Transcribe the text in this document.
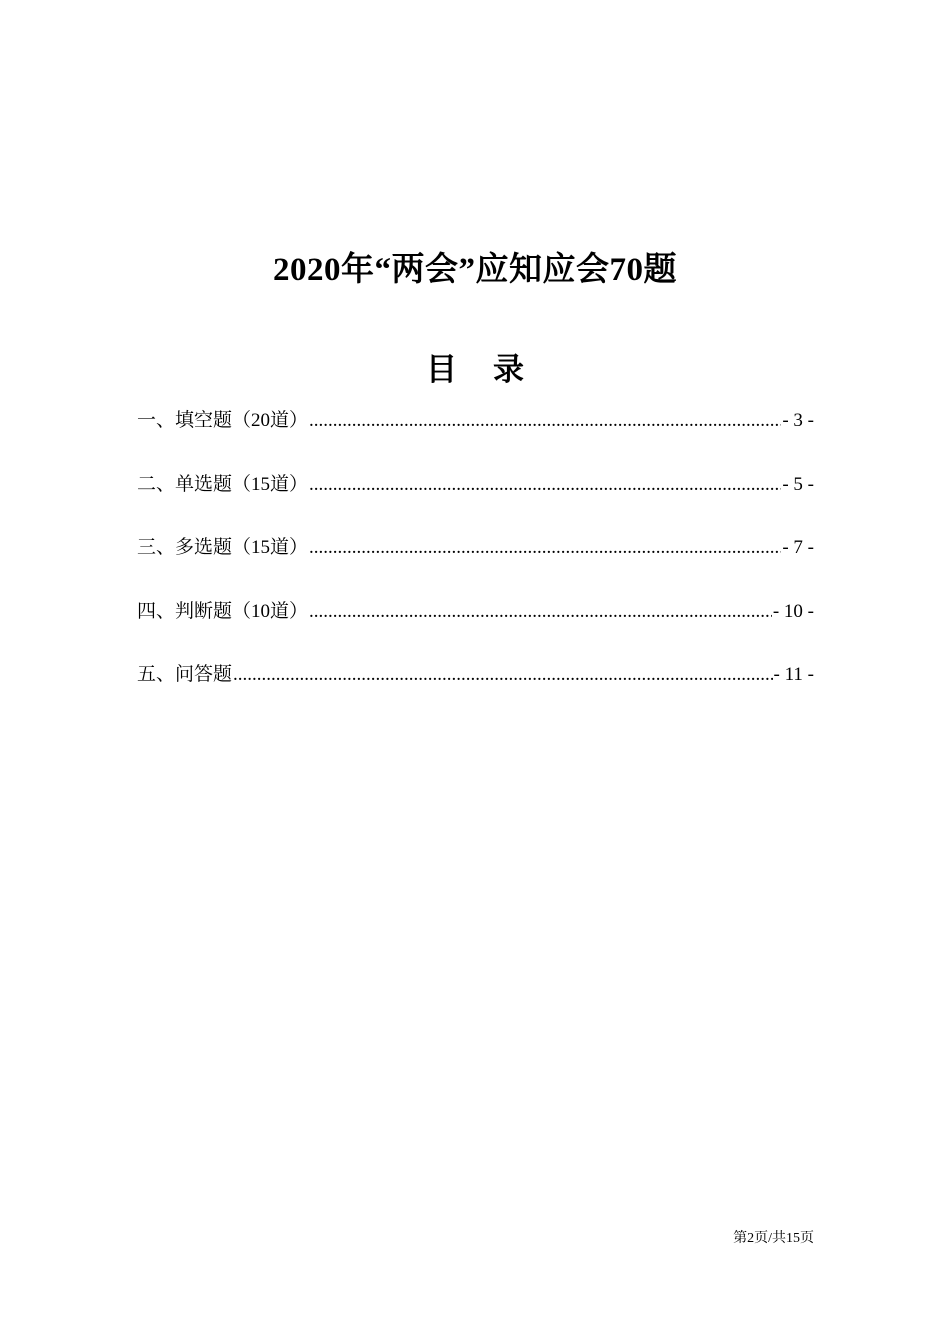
2020年“两会”应知应会70题
目 录
一、填空题（20道） .....	- 3 -
二、单选题（15道） .....	- 5 -
三、多选题（15道） .....	- 7 -
四、判断题（10道） .....	- 10 -
五、问答题 .....	- 11 -
第2页/共15页
